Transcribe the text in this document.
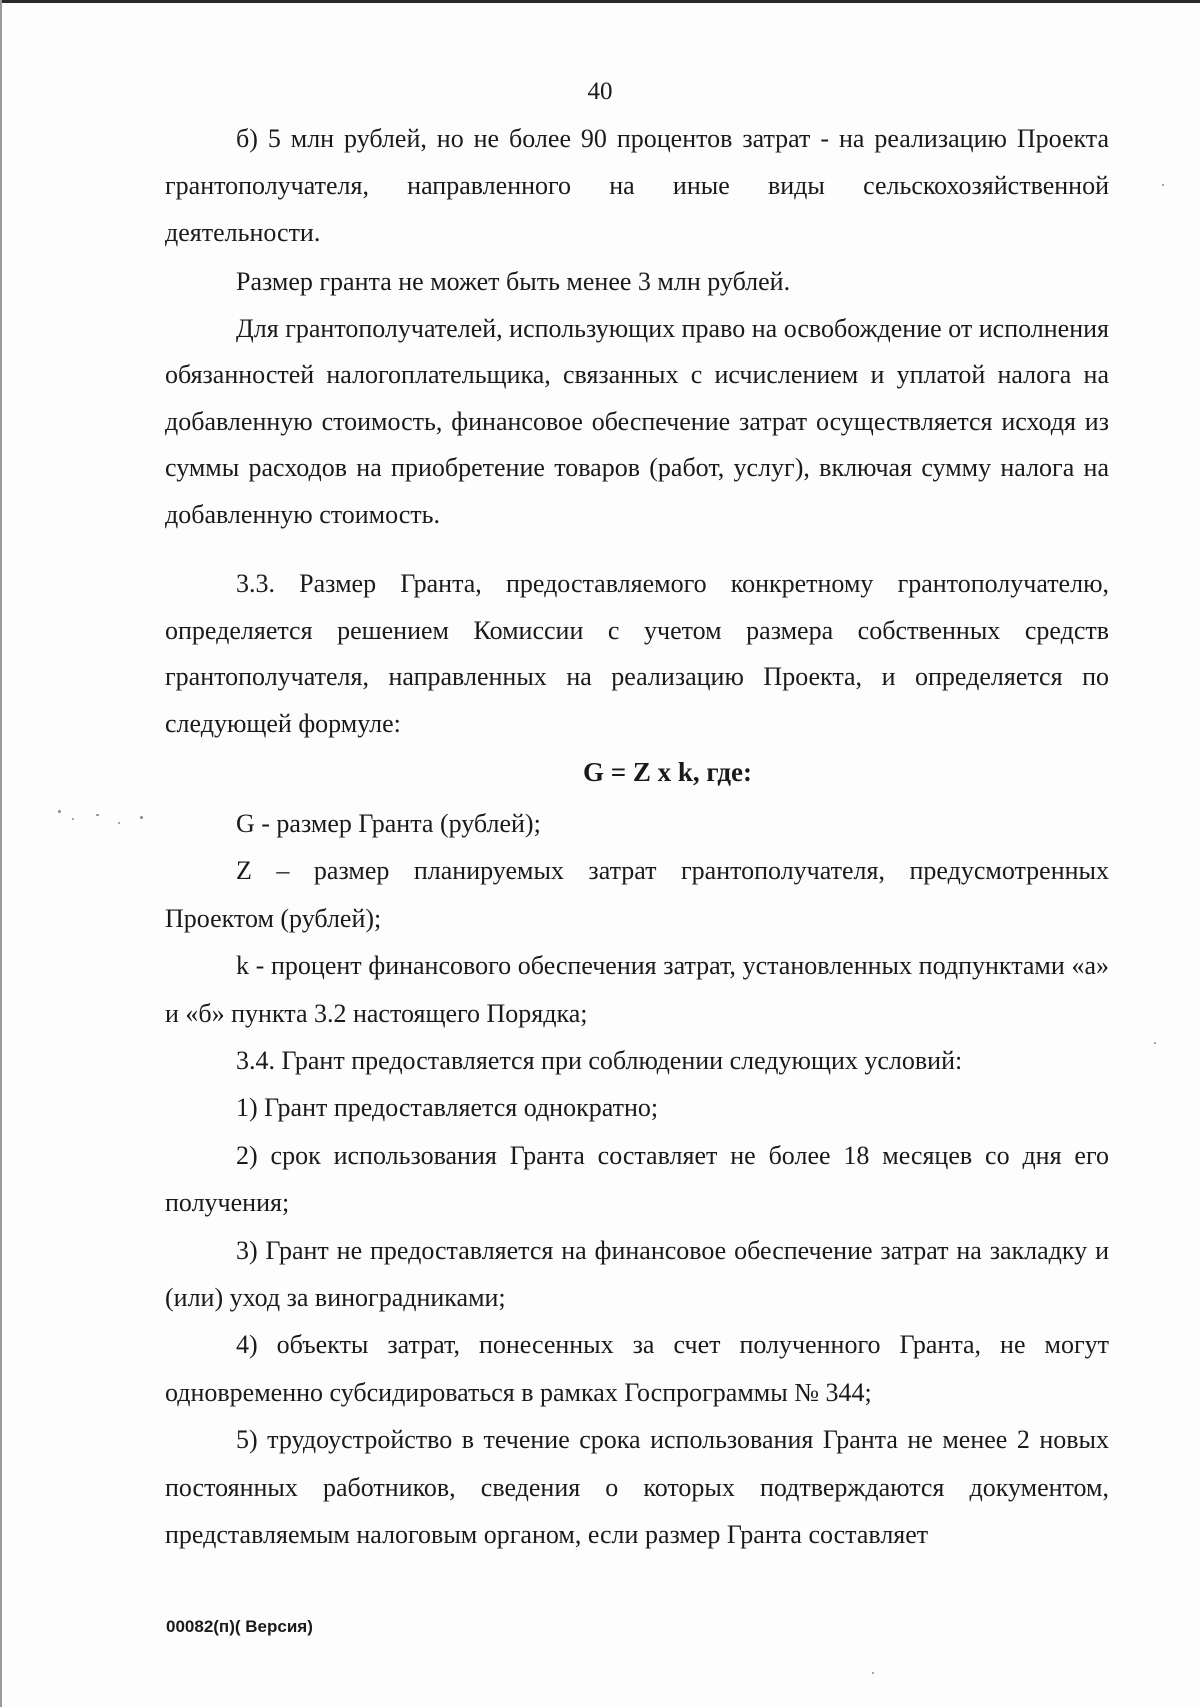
40

б) 5 млн рублей, но не более 90 процентов затрат - на реализацию Проекта грантополучателя, направленного на иные виды сельскохозяйственной деятельности.

Размер гранта не может быть менее 3 млн рублей.

Для грантополучателей, использующих право на освобождение от исполнения обязанностей налогоплательщика, связанных с исчислением и уплатой налога на добавленную стоимость, финансовое обеспечение затрат осуществляется исходя из суммы расходов на приобретение товаров (работ, услуг), включая сумму налога на добавленную стоимость.

3.3. Размер Гранта, предоставляемого конкретному грантополучателю, определяется решением Комиссии с учетом размера собственных средств грантополучателя, направленных на реализацию Проекта, и определяется по следующей формуле:

G = Z x k, где:

G - размер Гранта (рублей);

Z – размер планируемых затрат грантополучателя, предусмотренных Проектом (рублей);

k - процент финансового обеспечения затрат, установленных подпунктами «а» и «б» пункта 3.2 настоящего Порядка;

3.4. Грант предоставляется при соблюдении следующих условий:

1) Грант предоставляется однократно;

2) срок использования Гранта составляет не более 18 месяцев со дня его получения;

3) Грант не предоставляется на финансовое обеспечение затрат на закладку и (или) уход за виноградниками;

4) объекты затрат, понесенных за счет полученного Гранта, не могут одновременно субсидироваться в рамках Госпрограммы № 344;

5) трудоустройство в течение срока использования Гранта не менее 2 новых постоянных работников, сведения о которых подтверждаются документом, представляемым налоговым органом, если размер Гранта составляет

00082(п)( Версия)
